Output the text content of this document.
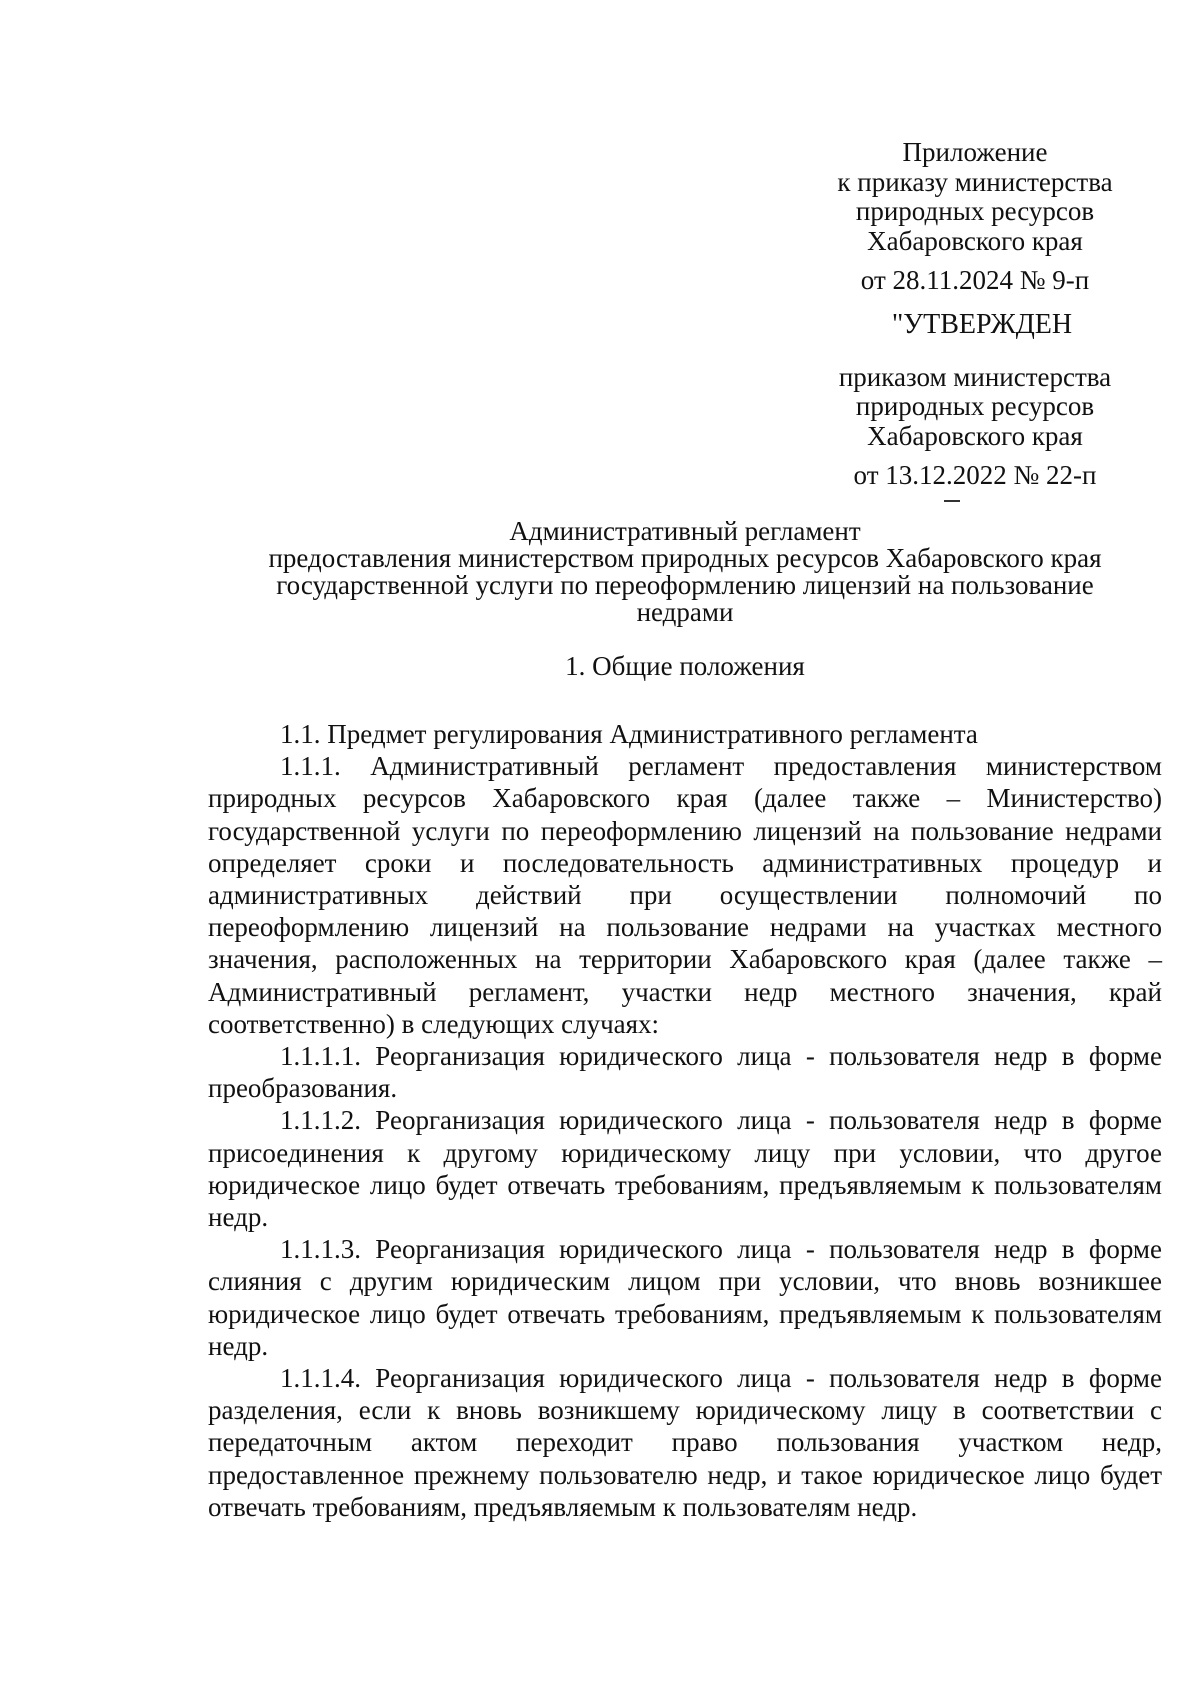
Приложение
к приказу министерства
природных ресурсов
Хабаровского края
от 28.11.2024 № 9-п
"УТВЕРЖДЕН
приказом министерства
природных ресурсов
Хабаровского края
от 13.12.2022 № 22-п
Административный регламент
предоставления министерством природных ресурсов Хабаровского края
государственной услуги по переоформлению лицензий на пользование
недрами
1. Общие положения

1.1. Предмет регулирования Административного регламента

1.1.1. Административный регламент предоставления министерством природных ресурсов Хабаровского края (далее также – Министерство) государственной услуги по переоформлению лицензий на пользование недрами определяет сроки и последовательность административных процедур и административных действий при осуществлении полномочий по переоформлению лицензий на пользование недрами на участках местного значения, расположенных на территории Хабаровского края (далее также – Административный регламент, участки недр местного значения, край соответственно) в следующих случаях:

1.1.1.1. Реорганизация юридического лица - пользователя недр в форме преобразования.

1.1.1.2. Реорганизация юридического лица - пользователя недр в форме присоединения к другому юридическому лицу при условии, что другое юридическое лицо будет отвечать требованиям, предъявляемым к пользователям недр.

1.1.1.3. Реорганизация юридического лица - пользователя недр в форме слияния с другим юридическим лицом при условии, что вновь возникшее юридическое лицо будет отвечать требованиям, предъявляемым к пользователям недр.

1.1.1.4. Реорганизация юридического лица - пользователя недр в форме разделения, если к вновь возникшему юридическому лицу в соответствии с передаточным актом переходит право пользования участком недр, предоставленное прежнему пользователю недр, и такое юридическое лицо будет отвечать требованиям, предъявляемым к пользователям недр.
